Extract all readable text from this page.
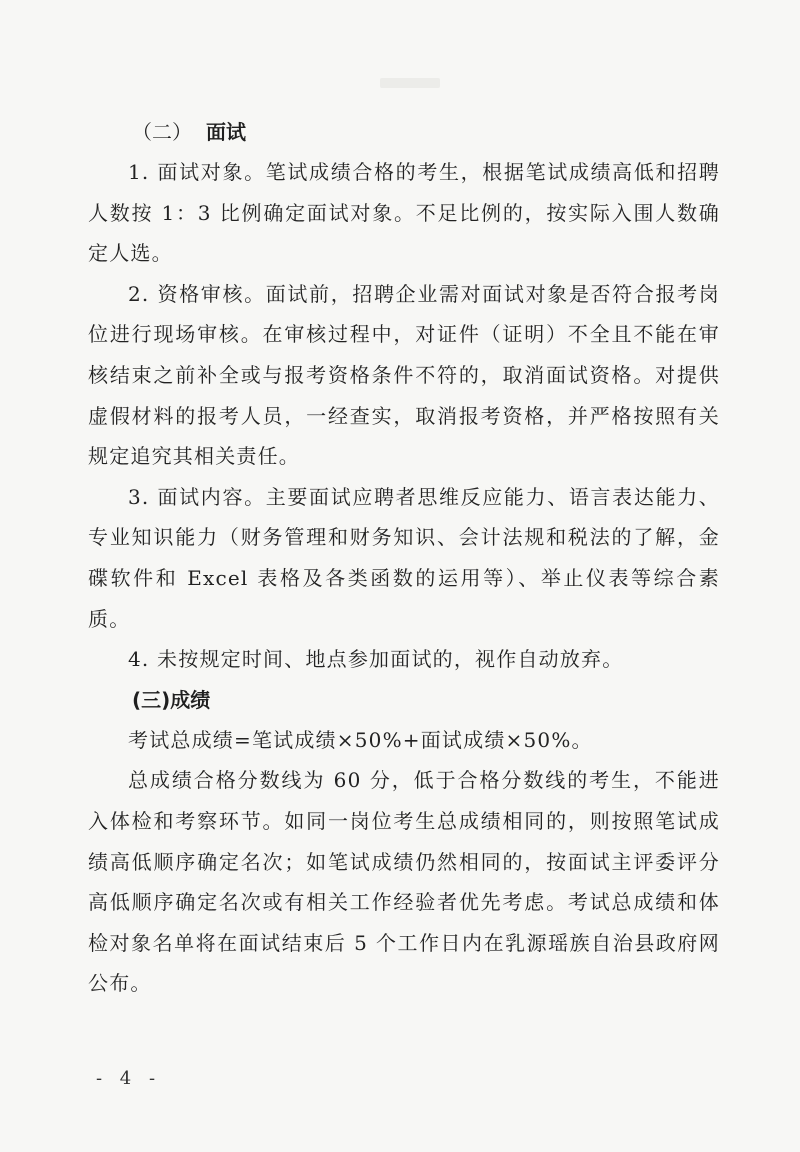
（二） 面试

1. 面试对象。笔试成绩合格的考生，根据笔试成绩高低和招聘人数按 1：3 比例确定面试对象。不足比例的，按实际入围人数确定人选。

2. 资格审核。面试前，招聘企业需对面试对象是否符合报考岗位进行现场审核。在审核过程中，对证件（证明）不全且不能在审核结束之前补全或与报考资格条件不符的，取消面试资格。对提供虚假材料的报考人员，一经查实，取消报考资格，并严格按照有关规定追究其相关责任。

3. 面试内容。主要面试应聘者思维反应能力、语言表达能力、专业知识能力（财务管理和财务知识、会计法规和税法的了解，金碟软件和 Excel 表格及各类函数的运用等）、举止仪表等综合素质。

4. 未按规定时间、地点参加面试的，视作自动放弃。

(三)成绩

考试总成绩=笔试成绩×50%+面试成绩×50%。

总成绩合格分数线为 60 分，低于合格分数线的考生，不能进入体检和考察环节。如同一岗位考生总成绩相同的，则按照笔试成绩高低顺序确定名次；如笔试成绩仍然相同的，按面试主评委评分高低顺序确定名次或有相关工作经验者优先考虑。考试总成绩和体检对象名单将在面试结束后 5 个工作日内在乳源瑶族自治县政府网公布。

- 4 -
